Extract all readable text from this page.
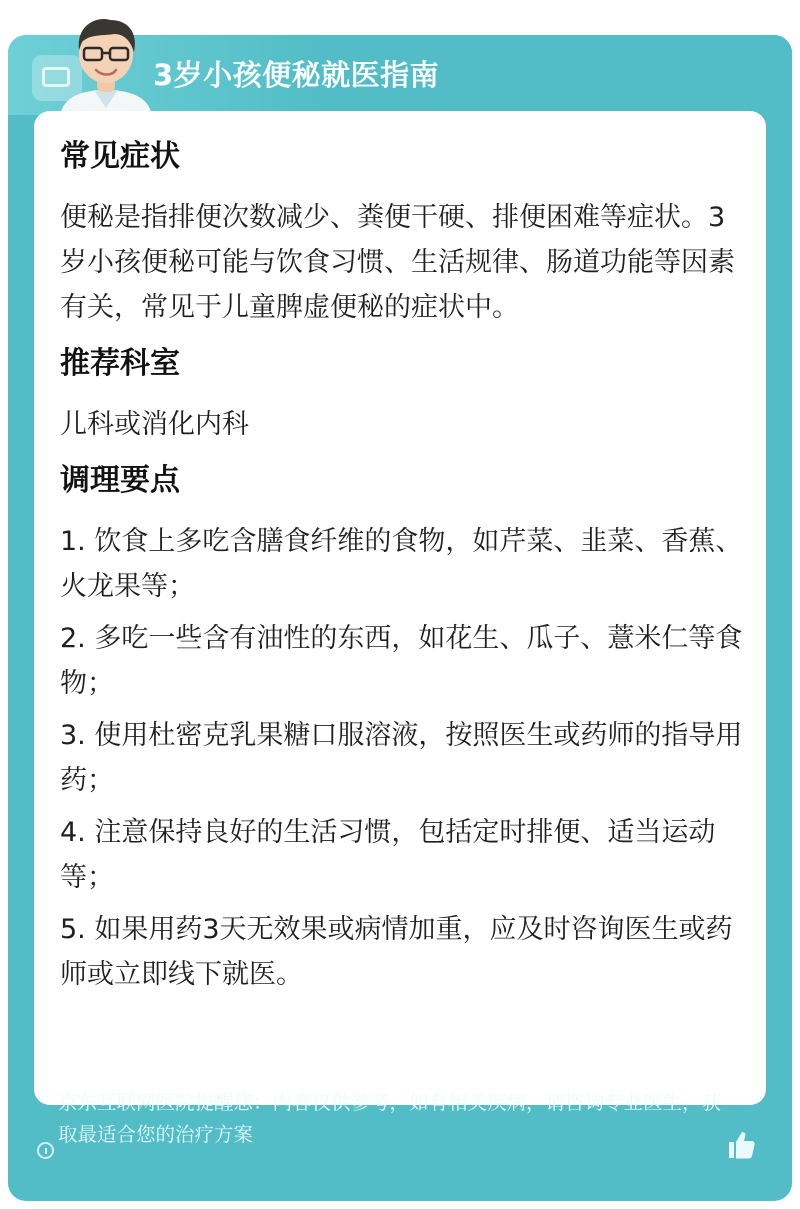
3岁小孩便秘就医指南
常见症状
便秘是指排便次数减少、粪便干硬、排便困难等症状。3岁小孩便秘可能与饮食习惯、生活规律、肠道功能等因素有关，常见于儿童脾虚便秘的症状中。
推荐科室
儿科或消化内科
调理要点
1. 饮食上多吃含膳食纤维的食物，如芹菜、韭菜、香蕉、火龙果等；
2. 多吃一些含有油性的东西，如花生、瓜子、薏米仁等食物；
3. 使用杜密克乳果糖口服溶液，按照医生或药师的指导用药；
4. 注意保持良好的生活习惯，包括定时排便、适当运动等；
5. 如果用药3天无效果或病情加重，应及时咨询医生或药师或立即线下就医。
京东互联网医院提醒您：内容仅供参考，如有相关疾病，请咨询专业医生，获取最适合您的治疗方案
